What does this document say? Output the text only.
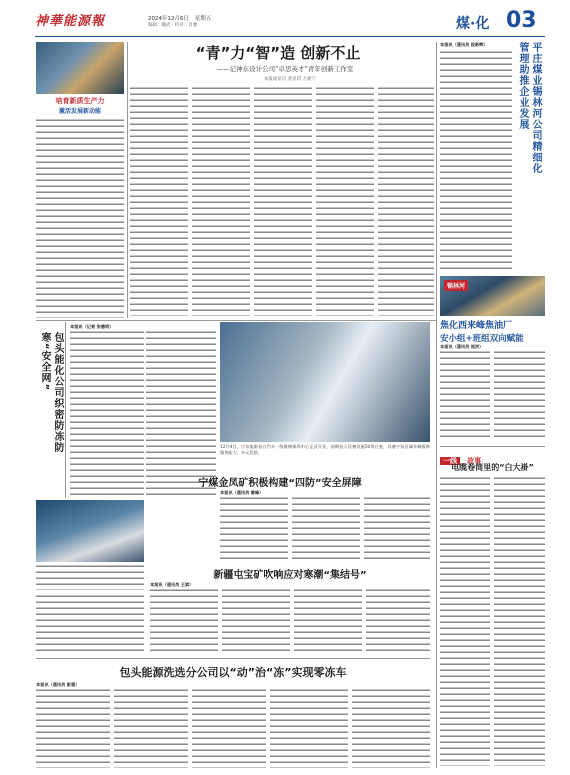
神華能源報	2024年12月6日 星期五
编辑：魏武 · 校对：肖雅	煤·化 03
培育新质生产力
激活发展新动能
“青”力“智”造 创新不止
——记神东设计公司“卓思英才”青年创新工作室
本报通讯员 黄亚琦 万建宁	平庄煤业锡林河公司精细化管理助推企业发展
本报讯（通讯员 段新辉）
锡林河
焦化西来峰焦油厂
安小组+班组双向赋能
本报讯（通讯员 屈洪）
包头能化公司织密防冻防寒“安全网”
本报讯（记者 张德明）
12月4日，宁东能源首台汽车一级维修保养中心正式开业，前期投入设备设施50余台套，具备宁东区域车辆维修服务能力，多元发展。
一线 故事
电缆卷筒里的“白大褂”
宁煤金凤矿积极构建“四防”安全屏障
本报讯（通讯员 雷峰）
新疆屯宝矿吹响应对寒潮“集结号”
本报讯（通讯员 王斌）
包头能源洗选分公司以“动”治“冻”实现零冻车
本报讯（通讯员 彭强）
